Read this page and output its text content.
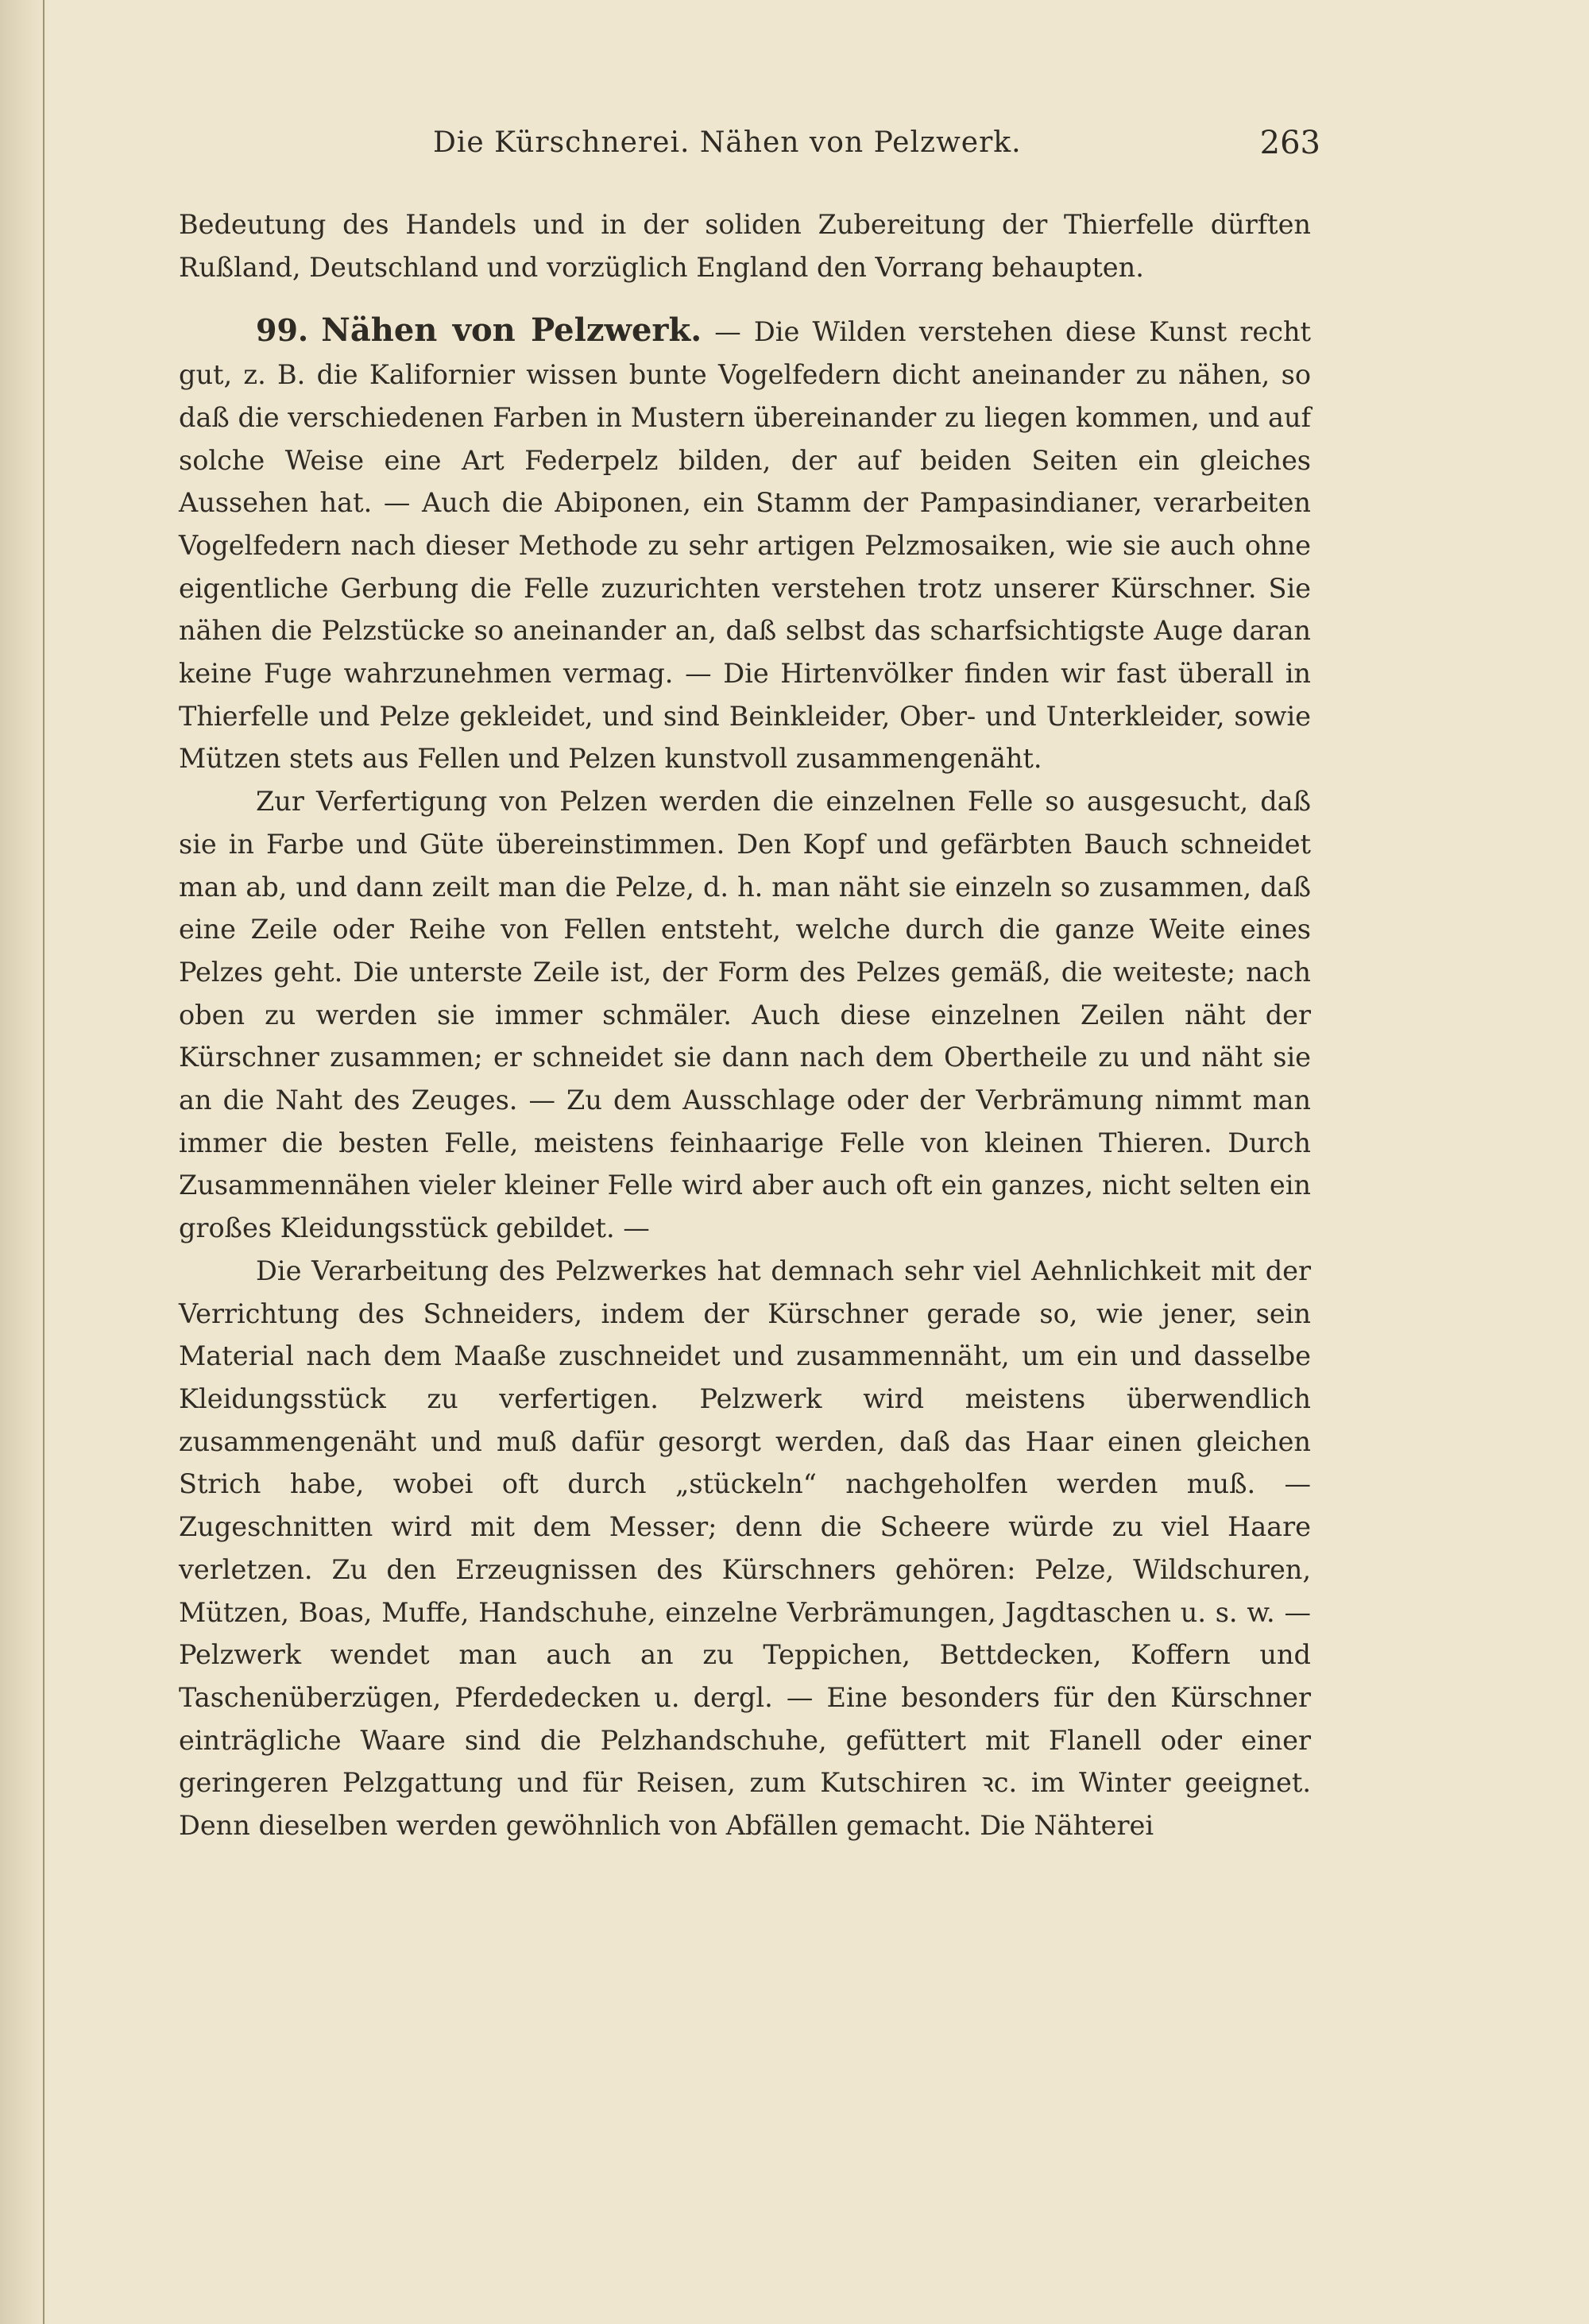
Die Kürschnerei. Nähen von Pelzwerk.	263

Bedeutung des Handels und in der soliden Zubereitung der Thierfelle dürften Rußland, Deutschland und vorzüglich England den Vorrang behaupten.

99. Nähen von Pelzwerk. — Die Wilden verstehen diese Kunst recht gut, z. B. die Kalifornier wissen bunte Vogelfedern dicht aneinander zu nähen, so daß die verschiedenen Farben in Mustern übereinander zu liegen kommen, und auf solche Weise eine Art Federpelz bilden, der auf beiden Seiten ein gleiches Aussehen hat. — Auch die Abiponen, ein Stamm der Pampasindianer, verarbeiten Vogelfedern nach dieser Methode zu sehr artigen Pelzmosaiken, wie sie auch ohne eigentliche Gerbung die Felle zuzurichten verstehen trotz unserer Kürschner. Sie nähen die Pelzstücke so aneinander an, daß selbst das scharfsichtigste Auge daran keine Fuge wahrzunehmen vermag. — Die Hirtenvölker finden wir fast überall in Thierfelle und Pelze gekleidet, und sind Beinkleider, Ober- und Unterkleider, sowie Mützen stets aus Fellen und Pelzen kunstvoll zusammengenäht.

Zur Verfertigung von Pelzen werden die einzelnen Felle so ausgesucht, daß sie in Farbe und Güte übereinstimmen. Den Kopf und gefärbten Bauch schneidet man ab, und dann zeilt man die Pelze, d. h. man näht sie einzeln so zusammen, daß eine Zeile oder Reihe von Fellen entsteht, welche durch die ganze Weite eines Pelzes geht. Die unterste Zeile ist, der Form des Pelzes gemäß, die weiteste; nach oben zu werden sie immer schmäler. Auch diese einzelnen Zeilen näht der Kürschner zusammen; er schneidet sie dann nach dem Obertheile zu und näht sie an die Naht des Zeuges. — Zu dem Ausschlage oder der Verbrämung nimmt man immer die besten Felle, meistens feinhaarige Felle von kleinen Thieren. Durch Zusammennähen vieler kleiner Felle wird aber auch oft ein ganzes, nicht selten ein großes Kleidungsstück gebildet. —

Die Verarbeitung des Pelzwerkes hat demnach sehr viel Aehnlichkeit mit der Verrichtung des Schneiders, indem der Kürschner gerade so, wie jener, sein Material nach dem Maaße zuschneidet und zusammennäht, um ein und dasselbe Kleidungsstück zu verfertigen. Pelzwerk wird meistens überwendlich zusammengenäht und muß dafür gesorgt werden, daß das Haar einen gleichen Strich habe, wobei oft durch „stückeln“ nachgeholfen werden muß. — Zugeschnitten wird mit dem Messer; denn die Scheere würde zu viel Haare verletzen. Zu den Erzeugnissen des Kürschners gehören: Pelze, Wildschuren, Mützen, Boas, Muffe, Handschuhe, einzelne Verbrämungen, Jagdtaschen u. s. w. — Pelzwerk wendet man auch an zu Teppichen, Bettdecken, Koffern und Taschenüberzügen, Pferdedecken u. dergl. — Eine besonders für den Kürschner einträgliche Waare sind die Pelzhandschuhe, gefüttert mit Flanell oder einer geringeren Pelzgattung und für Reisen, zum Kutschiren ꝛc. im Winter geeignet. Denn dieselben werden gewöhnlich von Abfällen gemacht. Die Nähterei
